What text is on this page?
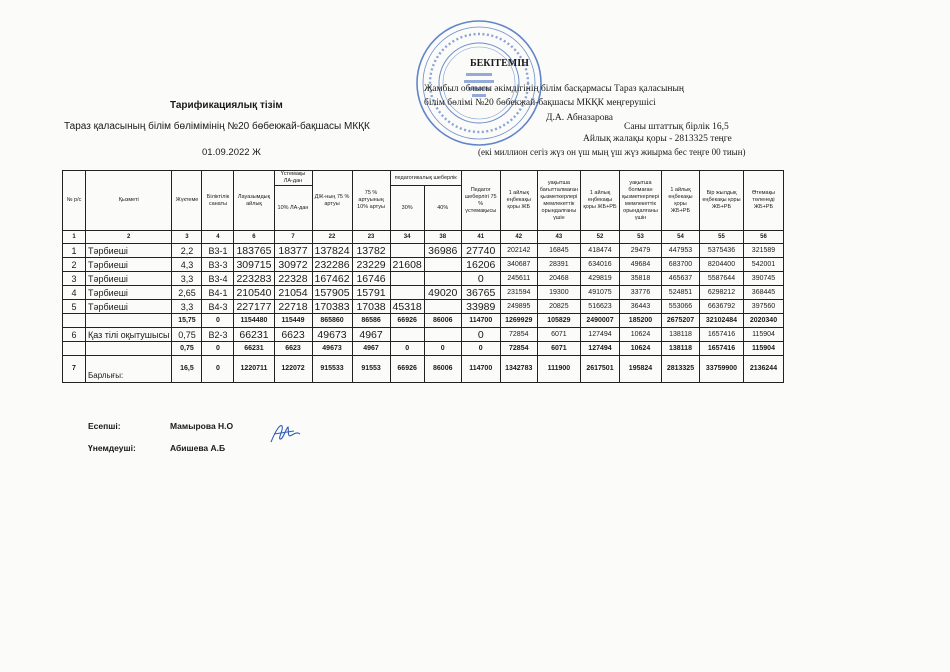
БЕКІТЕМІН
Жамбыл облысы әкімдігінің білім басқармасы Тараз қаласының
білім бөлімі №20 бөбекжай-бақшасы МКҚК меңгерушісі
Д.А. Абназарова
Саны штаттық бірлік 16,5
Айлық жалақы қоры - 2813325 теңге
(екі миллион сегіз жүз он үш мың үш жүз жиырма бес теңге 00 тиын)
Тарификациялық тізім
Тараз қаласының білім бөлімімінің №20 бөбекжай-бақшасы МКҚК
01.09.2022 Ж
№ р/с	Қызметі	Жүктеме	Біліктілік санаты	Лауазымдық айлық	Үстемақы ЛА-дан	ДЖ-ның 75 % артуы	75 % артуының 10% артуы	педагогикалық шеберлік		Педагог шеберлігі 75 % үстемақысы	1 айлық еңбекақы қоры ЖБ	уақытша бағытталмаған қызметкерлері мемлекеттік орындалғаны үшін	1 айлық еңбекақы қоры ЖБ+РБ	уақытша болмаған қызметкерлері мемлекеттік орындалғаны үшін	1 айлық еңбекақы қоры ЖБ+РБ	Бір жылдық еңбекақы қоры ЖБ+РБ	Өтемақы төленеді ЖБ+РБ
					10% ЛА-дан			30%	40%								
1	2	3	4	6	7	22	23	34	38	41	42	43	52	53	54	55	56
1	Тәрбиеші	2,2	В3-1	183765	18377	137824	13782		36986	27740	202142	16845	418474	29479	447953	5375436	321589
2	Тәрбиеші	4,3	В3-3	309715	30972	232286	23229	21608		16206	340687	28391	634016	49684	683700	8204400	542001
3	Тәрбиеші	3,3	В3-4	223283	22328	167462	16746			0	245611	20468	429819	35818	465637	5587644	390745
4	Тәрбиеші	2,65	В4-1	210540	21054	157905	15791		49020	36765	231594	19300	491075	33776	524851	6298212	368445
5	Тәрбиеші	3,3	В4-3	227177	22718	170383	17038	45318		33989	249895	20825	516623	36443	553066	6636792	397560
		15,75	0	1154480	115449	865860	86586	66926	86006	114700	1269929	105829	2490007	185200	2675207	32102484	2020340
6	Қаз тілі оқытушысы	0,75	В2-3	66231	6623	49673	4967			0	72854	6071	127494	10624	138118	1657416	115904
		0,75	0	66231	6623	49673	4967	0	0	0	72854	6071	127494	10624	138118	1657416	115904
7	Барлығы:	16,5	0	1220711	122072	915533	91553	66926	86006	114700	1342783	111900	2617501	195824	2813325	33759900	2136244
Есепші:	Мамырова Н.О
Үнемдеуші:	Абишева А.Б
